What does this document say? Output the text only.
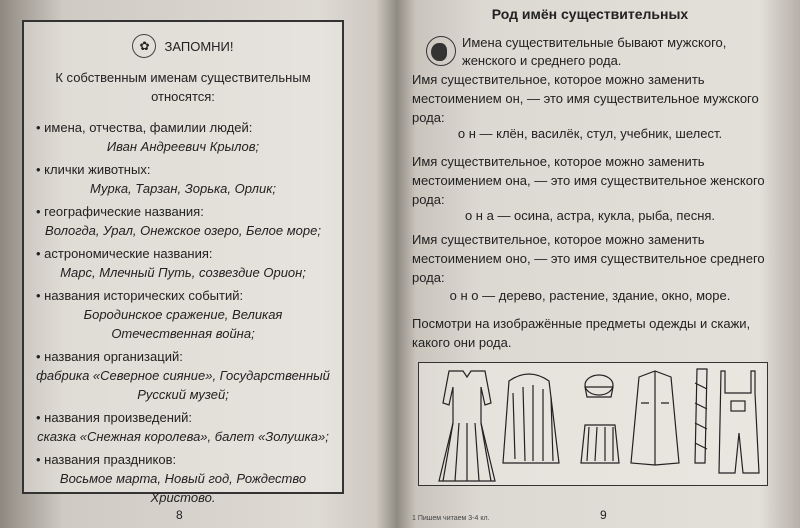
✿	ЗАПОМНИ!
К собственным именам существительным относятся:
• имена, отчества, фамилии людей:
Иван Андреевич Крылов;
• клички животных:
Мурка, Тарзан, Зорька, Орлик;
• географические названия:
Вологда, Урал, Онежское озеро, Белое море;
• астрономические названия:
Марс, Млечный Путь, созвездие Орион;
• названия исторических событий:
Бородинское сражение, Великая Отечественная война;
• названия организаций:
фабрика «Северное сияние», Государственный Русский музей;
• названия произведений:
сказка «Снежная королева», балет «Золушка»;
• названия праздников:
Восьмое марта, Новый год, Рождество Христово.
8
Род имён существительных
Имена существительные бывают мужского, женского и среднего рода.
Имя существительное, которое можно заменить местоимением он, — это имя существительное мужского рода:
о н — клён, василёк, стул, учебник, шелест.
Имя существительное, которое можно заменить местоимением она, — это имя существительное женского рода:
о н а — осина, астра, кукла, рыба, песня.
Имя существительное, которое можно заменить местоимением оно, — это имя существительное среднего рода:
о н о — дерево, растение, здание, окно, море.
Посмотри на изображённые предметы одежды и скажи, какого они рода.
1 Пишем читаем 3-4 кл.	9
